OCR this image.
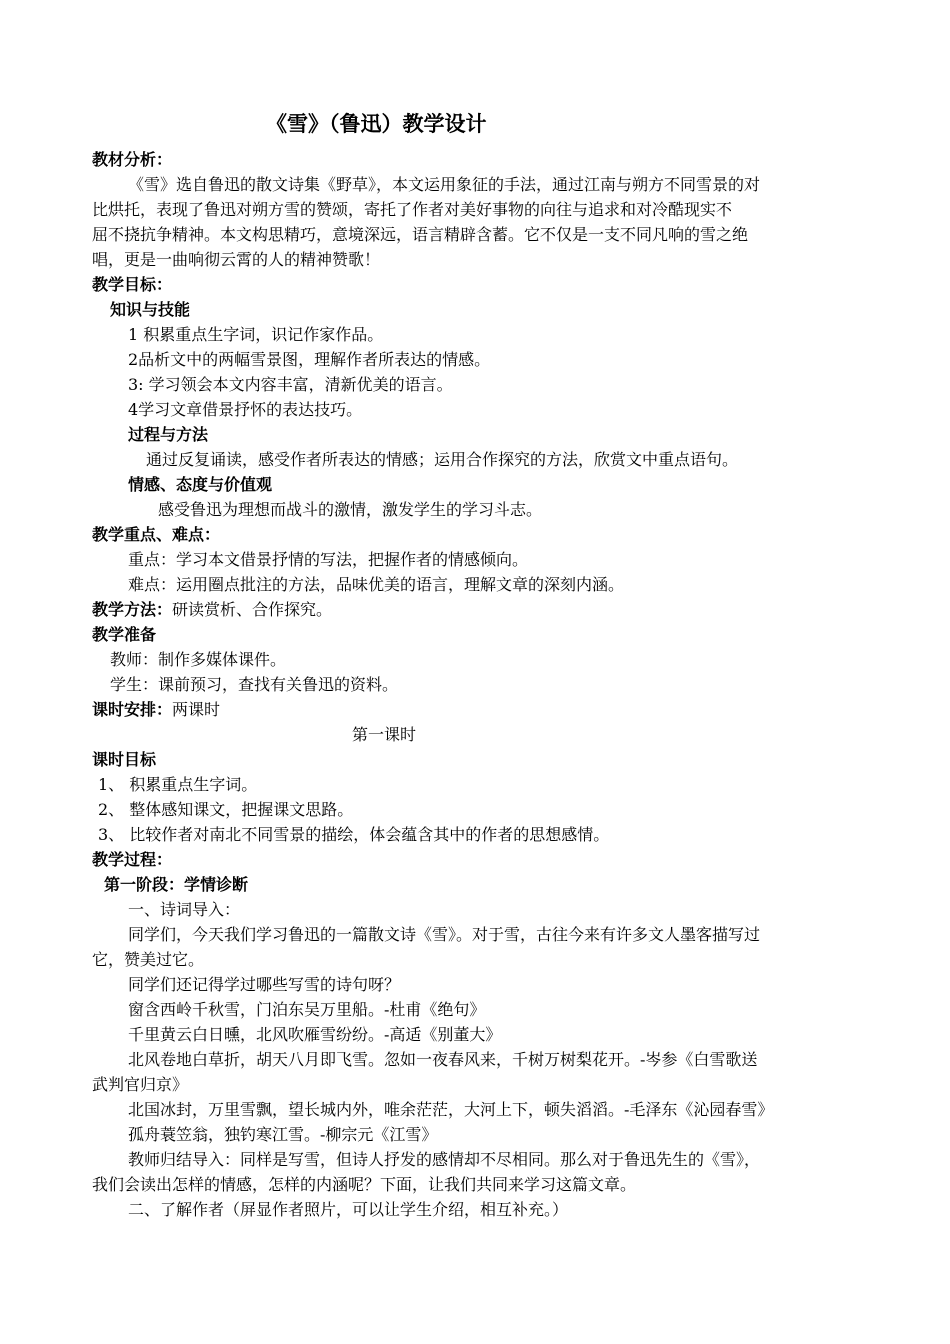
《雪》（鲁迅）教学设计
教材分析：
《雪》选自鲁迅的散文诗集《野草》，本文运用象征的手法，通过江南与朔方不同雪景的对
比烘托，表现了鲁迅对朔方雪的赞颂，寄托了作者对美好事物的向往与追求和对冷酷现实不
屈不挠抗争精神。本文构思精巧，意境深远，语言精辟含蓄。它不仅是一支不同凡响的雪之绝
唱，更是一曲响彻云霄的人的精神赞歌！
教学目标：
知识与技能
1 积累重点生字词，识记作家作品。
2品析文中的两幅雪景图，理解作者所表达的情感。
3: 学习领会本文内容丰富，清新优美的语言。
4学习文章借景抒怀的表达技巧。
过程与方法
通过反复诵读，感受作者所表达的情感；运用合作探究的方法，欣赏文中重点语句。
情感、态度与价值观
感受鲁迅为理想而战斗的激情，激发学生的学习斗志。
教学重点、难点：
重点：学习本文借景抒情的写法，把握作者的情感倾向。
难点：运用圈点批注的方法，品味优美的语言，理解文章的深刻内涵。
教学方法：研读赏析、合作探究。
教学准备
教师：制作多媒体课件。
学生：课前预习，查找有关鲁迅的资料。
课时安排：两课时
第一课时
课时目标
1、 积累重点生字词。
2、 整体感知课文，把握课文思路。
3、 比较作者对南北不同雪景的描绘，体会蕴含其中的作者的思想感情。
教学过程：
第一阶段：学情诊断
一、诗词导入：
同学们，今天我们学习鲁迅的一篇散文诗《雪》。对于雪，古往今来有许多文人墨客描写过
它，赞美过它。
同学们还记得学过哪些写雪的诗句呀？
窗含西岭千秋雪，门泊东吴万里船。-杜甫《绝句》
千里黄云白日曛，北风吹雁雪纷纷。-高适《别董大》
北风卷地白草折，胡天八月即飞雪。忽如一夜春风来，千树万树梨花开。-岑参《白雪歌送
武判官归京》
北国冰封，万里雪飘，望长城内外，唯余茫茫，大河上下，顿失滔滔。-毛泽东《沁园春雪》
孤舟蓑笠翁，独钓寒江雪。-柳宗元《江雪》
教师归结导入：同样是写雪，但诗人抒发的感情却不尽相同。那么对于鲁迅先生的《雪》，
我们会读出怎样的情感，怎样的内涵呢？下面，让我们共同来学习这篇文章。
二、了解作者（屏显作者照片，可以让学生介绍，相互补充。）
